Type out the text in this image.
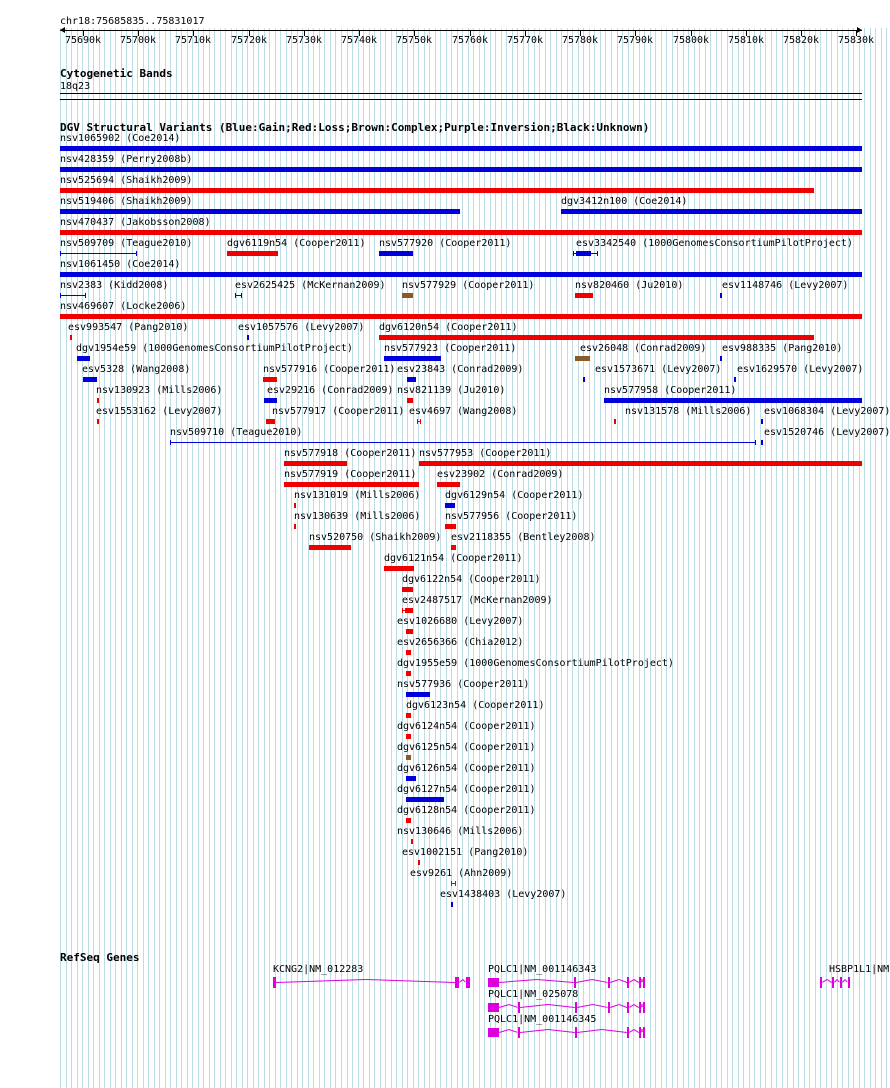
chr18:75685835..75831017
75690k 75700k 75710k 75720k 75730k 75740k 75750k 75760k 75770k 75780k 75790k 75800k 75810k 75820k 75830k
Cytogenetic Bands
18q23
DGV Structural Variants (Blue:Gain;Red:Loss;Brown:Complex;Purple:Inversion;Black:Unknown)
nsv1065902 (Coe2014)
nsv428359 (Perry2008b)
nsv525694 (Shaikh2009)
nsv519406 (Shaikh2009)	dgv3412n100 (Coe2014)
nsv470437 (Jakobsson2008)
nsv509709 (Teague2010)	dgv6119n54 (Cooper2011) nsv577920 (Cooper2011)	esv3342540 (1000GenomesConsortiumPilotProject)
nsv1061450 (Coe2014)
nsv2383 (Kidd2008)	esv2625425 (McKernan2009) nsv577929 (Cooper2011)	nsv820460 (Ju2010)	esv1148746 (Levy2007)
nsv469607 (Locke2006)
esv993547 (Pang2010)	esv1057576 (Levy2007) dgv6120n54 (Cooper2011)
dgv1954e59 (1000GenomesConsortiumPilotProject)	nsv577923 (Cooper2011)	esv26048 (Conrad2009) esv988335 (Pang2010)
esv5328 (Wang2008)	nsv577916 (Cooper2011) esv23843 (Conrad2009)	esv1573671 (Levy2007) esv1629570 (Levy2007)
nsv130923 (Mills2006)	esv29216 (Conrad2009) nsv821139 (Ju2010)	nsv577958 (Cooper2011)
esv1553162 (Levy2007)	nsv577917 (Cooper2011) esv4697 (Wang2008)	nsv131578 (Mills2006) esv1068304 (Levy2007)
nsv509710 (Teague2010)	esv1520746 (Levy2007)
nsv577918 (Cooper2011) nsv577953 (Cooper2011)
nsv577919 (Cooper2011) esv23902 (Conrad2009)
nsv131019 (Mills2006) dgv6129n54 (Cooper2011)
nsv130639 (Mills2006) nsv577956 (Cooper2011)
nsv520750 (Shaikh2009) esv2118355 (Bentley2008)
dgv6121n54 (Cooper2011)
dgv6122n54 (Cooper2011)
esv2487517 (McKernan2009)
esv1026680 (Levy2007)
esv2656366 (Chia2012)
dgv1955e59 (1000GenomesConsortiumPilotProject)
nsv577936 (Cooper2011)
dgv6123n54 (Cooper2011)
dgv6124n54 (Cooper2011)
dgv6125n54 (Cooper2011)
dgv6126n54 (Cooper2011)
dgv6127n54 (Cooper2011)
dgv6128n54 (Cooper2011)
nsv130646 (Mills2006)
esv1002151 (Pang2010)
esv9261 (Ahn2009)
esv1438403 (Levy2007)
RefSeq Genes
KCNG2|NM_012283	PQLC1|NM_001146343	HSBP1L1|NM
PQLC1|NM_025078
PQLC1|NM_001146345
